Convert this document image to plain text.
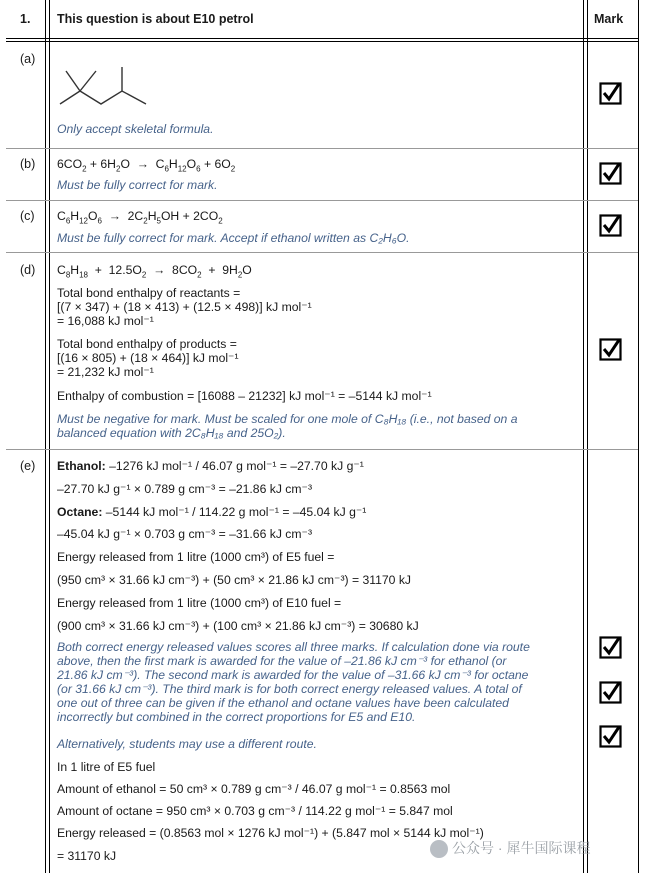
1. This question is about E10 petrol	Mark
(a)
Only accept skeletal formula.
(b) $6CO_2 + 6H_2O \to C_6H_{12}O_6 + 6O_2$
Must be fully correct for mark.
(c) $C_6H_{12}O_6 \to 2C_2H_5OH + 2CO_2$
Must be fully correct for mark. Accept if ethanol written as C₂H₆O.
(d) $C_8H_{18} + 12.5O_2 \to 8CO_2 + 9H_2O$
Total bond enthalpy of reactants =
[(7 × 347) + (18 × 413) + (12.5 × 498)] kJ mol⁻¹
= 16,088 kJ mol⁻¹
Total bond enthalpy of products =
[(16 × 805) + (18 × 464)] kJ mol⁻¹
= 21,232 kJ mol⁻¹
Enthalpy of combustion = [16088 – 21232] kJ mol⁻¹ = –5144 kJ mol⁻¹
Must be negative for mark. Must be scaled for one mole of C₈H₁₈ (i.e., not based on a
balanced equation with 2C₈H₁₈ and 25O₂).
(e) Ethanol: –1276 kJ mol⁻¹ / 46.07 g mol⁻¹ = –27.70 kJ g⁻¹
–27.70 kJ g⁻¹ × 0.789 g cm⁻³ = –21.86 kJ cm⁻³
Octane: –5144 kJ mol⁻¹ / 114.22 g mol⁻¹ = –45.04 kJ g⁻¹
–45.04 kJ g⁻¹ × 0.703 g cm⁻³ = –31.66 kJ cm⁻³
Energy released from 1 litre (1000 cm³) of E5 fuel =
(950 cm³ × 31.66 kJ cm⁻³) + (50 cm³ × 21.86 kJ cm⁻³) = 31170 kJ
Energy released from 1 litre (1000 cm³) of E10 fuel =
(900 cm³ × 31.66 kJ cm⁻³) + (100 cm³ × 21.86 kJ cm⁻³) = 30680 kJ
Both correct energy released values scores all three marks. If calculation done via route
above, then the first mark is awarded for the value of –21.86 kJ cm⁻³ for ethanol (or
21.86 kJ cm⁻³). The second mark is awarded for the value of –31.66 kJ cm⁻³ for octane
(or 31.66 kJ cm⁻³). The third mark is for both correct energy released values. A total of
one out of three can be given if the ethanol and octane values have been calculated
incorrectly but combined in the correct proportions for E5 and E10.
Alternatively, students may use a different route.
In 1 litre of E5 fuel
Amount of ethanol = 50 cm³ × 0.789 g cm⁻³ / 46.07 g mol⁻¹ = 0.8563 mol
Amount of octane = 950 cm³ × 0.703 g cm⁻³ / 114.22 g mol⁻¹ = 5.847 mol
Energy released = (0.8563 mol × 1276 kJ mol⁻¹) + (5.847 mol × 5144 kJ mol⁻¹)
= 31170 kJ	公众号 · 犀牛国际课程
